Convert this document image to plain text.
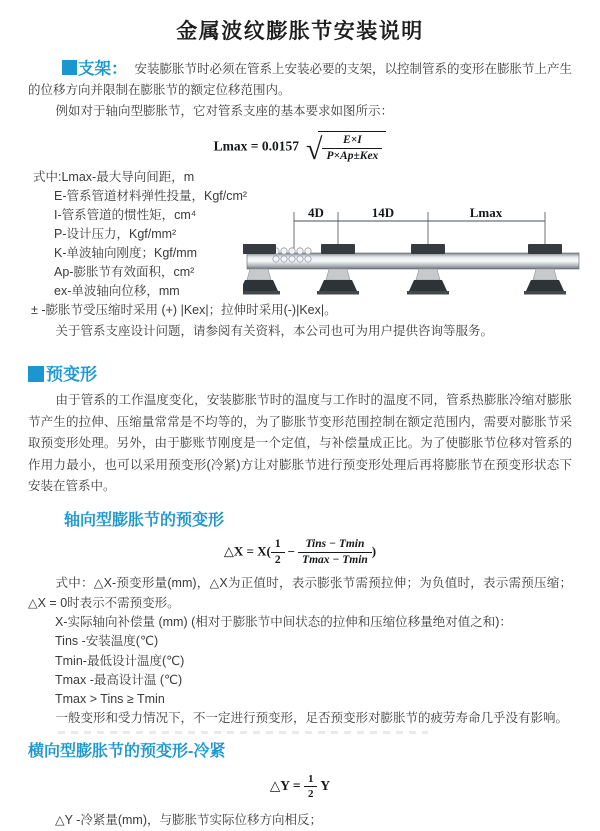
金属波纹膨胀节安装说明

支架： 安装膨胀节时必须在管系上安装必要的支架，以控制管系的变形在膨胀节上产生的位移方向并限制在膨胀节的额定位移范围内。

例如对于轴向型膨胀节，它对管系支座的基本要求如图所示：

Lmax = 0.0157 √ $\frac{E\times I}{\text{P×Ap±Kex}}$
式中:Lmax-最大导向间距，m
E-管系管道材料弹性投量，Kgf/cm²
I-管系管道的惯性矩，cm⁴
P-设计压力，Kgf/mm²
K-单波轴向刚度；Kgf/mm
Ap-膨胀节有效面积，cm²
ex-单波轴向位移，mm
± -膨胀节受压缩时采用 (+) |Kex|；拉伸时采用(-)|Kex|。

关于管系支座设计问题，请参阅有关资料，本公司也可为用户提供咨询等服务。

预变形

由于管系的工作温度变化，安装膨胀节时的温度与工作时的温度不同，管系热膨胀冷缩对膨胀节产生的拉伸、压缩量常常是不均等的，为了膨胀节变形范围控制在额定范围内，需要对膨胀节采取预变形处理。另外，由于膨账节刚度是一个定值，与补偿量成正比。为了使膨胀节位移对管系的作用力最小，也可以采用预变形(冷紧)方让对膨胀节进行预变形处理后再将膨胀节在预变形状态下安装在管系中。

轴向型膨胀节的预变形
△X = $X( \frac{1}{2} - \frac{\text{Tins − Tmin}}{Tmax - Tmin}$ )

式中：△X-预变形量(mm)，△X为正值时，表示膨张节需预拉伸；为负值时，表示需预压缩；△X = 0时表示不需预变形。

X-实际轴向补偿量 (mm) (相对于膨胀节中间状态的拉伸和压缩位移量绝对值之和)：

Tins -安装温度(℃)

Tmin-最低设计温度(℃)

Tmax -最高设计温 (℃)

Tmax > Tins ≥ Tmin

一般变形和受力情况下，不一定进行预变形，足否预变形对膨胀节的疲劳寿命几乎没有影响。

横向型膨胀节的预变形-冷紧
△Y = $\frac{1}{2}$ Y

△Y -冷紧量(mm)，与膨胀节实际位移方向相反；

4D	14D	Lmax
